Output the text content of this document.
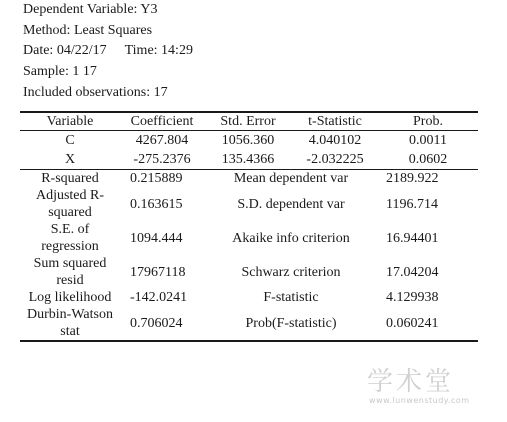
Dependent Variable: Y3
Method: Least Squares
Date: 04/22/17 Time: 14:29
Sample: 1 17
Included observations: 17
Variable	Coefficient	Std. Error	t-Statistic	Prob.
C	4267.804	1056.360	4.040102	0.0011
X	-275.2376	135.4366	-2.032225	0.0602
R-squared	0.215889	Mean dependent var		2189.922
Adjusted R-squared	0.163615	S.D. dependent var		1196.714
S.E. of regression	1094.444	Akaike info criterion		16.94401
Sum squared resid	17967118	Schwarz criterion		17.04204
Log likelihood	-142.0241	F-statistic		4.129938
Durbin-Watson stat	0.706024	Prob(F-statistic)		0.060241
学术堂
www.lunwenstudy.com
